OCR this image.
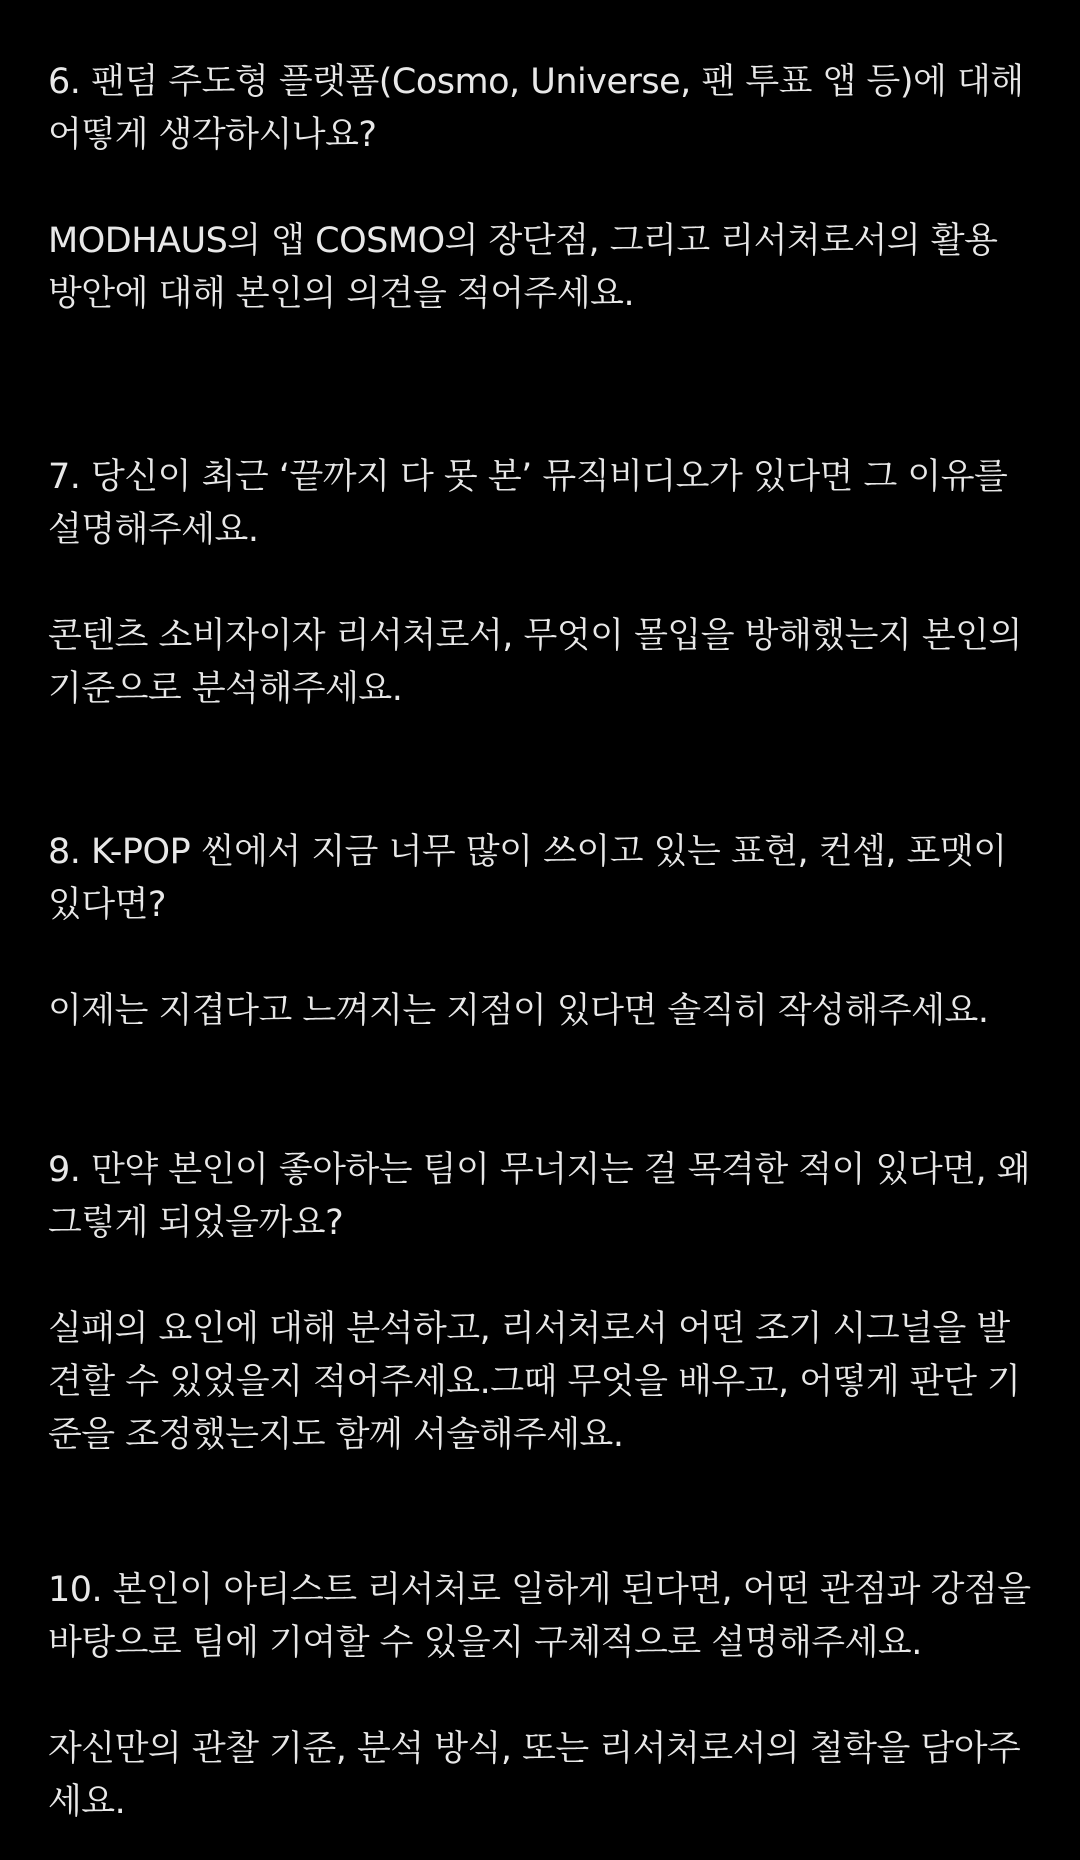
6. 팬덤 주도형 플랫폼(Cosmo, Universe, 팬 투표 앱 등)에 대해 어떻게 생각하시나요?

MODHAUS의 앱 COSMO의 장단점, 그리고 리서처로서의 활용 방안에 대해 본인의 의견을 적어주세요.

7. 당신이 최근 ‘끝까지 다 못 본’ 뮤직비디오가 있다면 그 이유를 설명해주세요.

콘텐츠 소비자이자 리서처로서, 무엇이 몰입을 방해했는지 본인의 기준으로 분석해주세요.

8. K-POP 씬에서 지금 너무 많이 쓰이고 있는 표현, 컨셉, 포맷이 있다면?

이제는 지겹다고 느껴지는 지점이 있다면 솔직히 작성해주세요.

9. 만약 본인이 좋아하는 팀이 무너지는 걸 목격한 적이 있다면, 왜 그렇게 되었을까요?

실패의 요인에 대해 분석하고, 리서처로서 어떤 조기 시그널을 발견할 수 있었을지 적어주세요.그때 무엇을 배우고, 어떻게 판단 기준을 조정했는지도 함께 서술해주세요.

10. 본인이 아티스트 리서처로 일하게 된다면, 어떤 관점과 강점을 바탕으로 팀에 기여할 수 있을지 구체적으로 설명해주세요.

자신만의 관찰 기준, 분석 방식, 또는 리서처로서의 철학을 담아주세요.
